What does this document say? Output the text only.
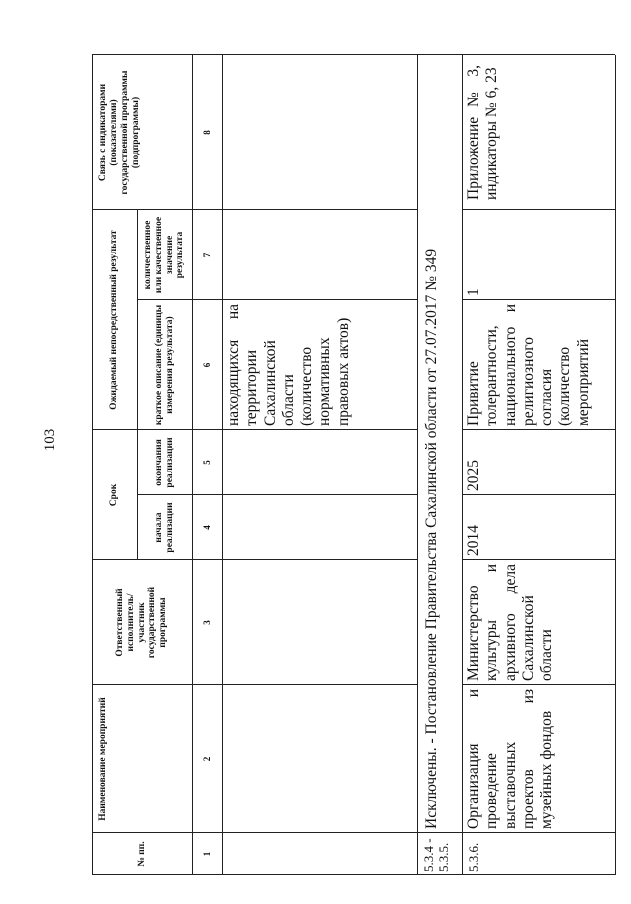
103
№ пп.
Наименование мероприятий
Ответственный исполнитель/ участник государственной программы
Срок
начала реализации
окончания реализации
Ожидаемый непосредственный результат	краткое описание (единицы измерения результата)
количественное или качественное значение результата
Связь с индикаторами (показателями) государственной программы (подпрограммы)
1
2
3
4
5
6
7
8
находящихся на территории Сахалинской области (количество нормативных правовых актов)
5.3.4 - 5.3.5.
Исключены. - Постановление Правительства Сахалинской области от 27.07.2017 № 349
5.3.6.
Организация и проведение выставочных проектов из музейных фондов
Министерство культуры и архивного дела Сахалинской области
2014
2025
Привитие толерантности, национального и религиозного согласия (количество мероприятий
1
Приложение № 3, индикаторы № 6, 23
